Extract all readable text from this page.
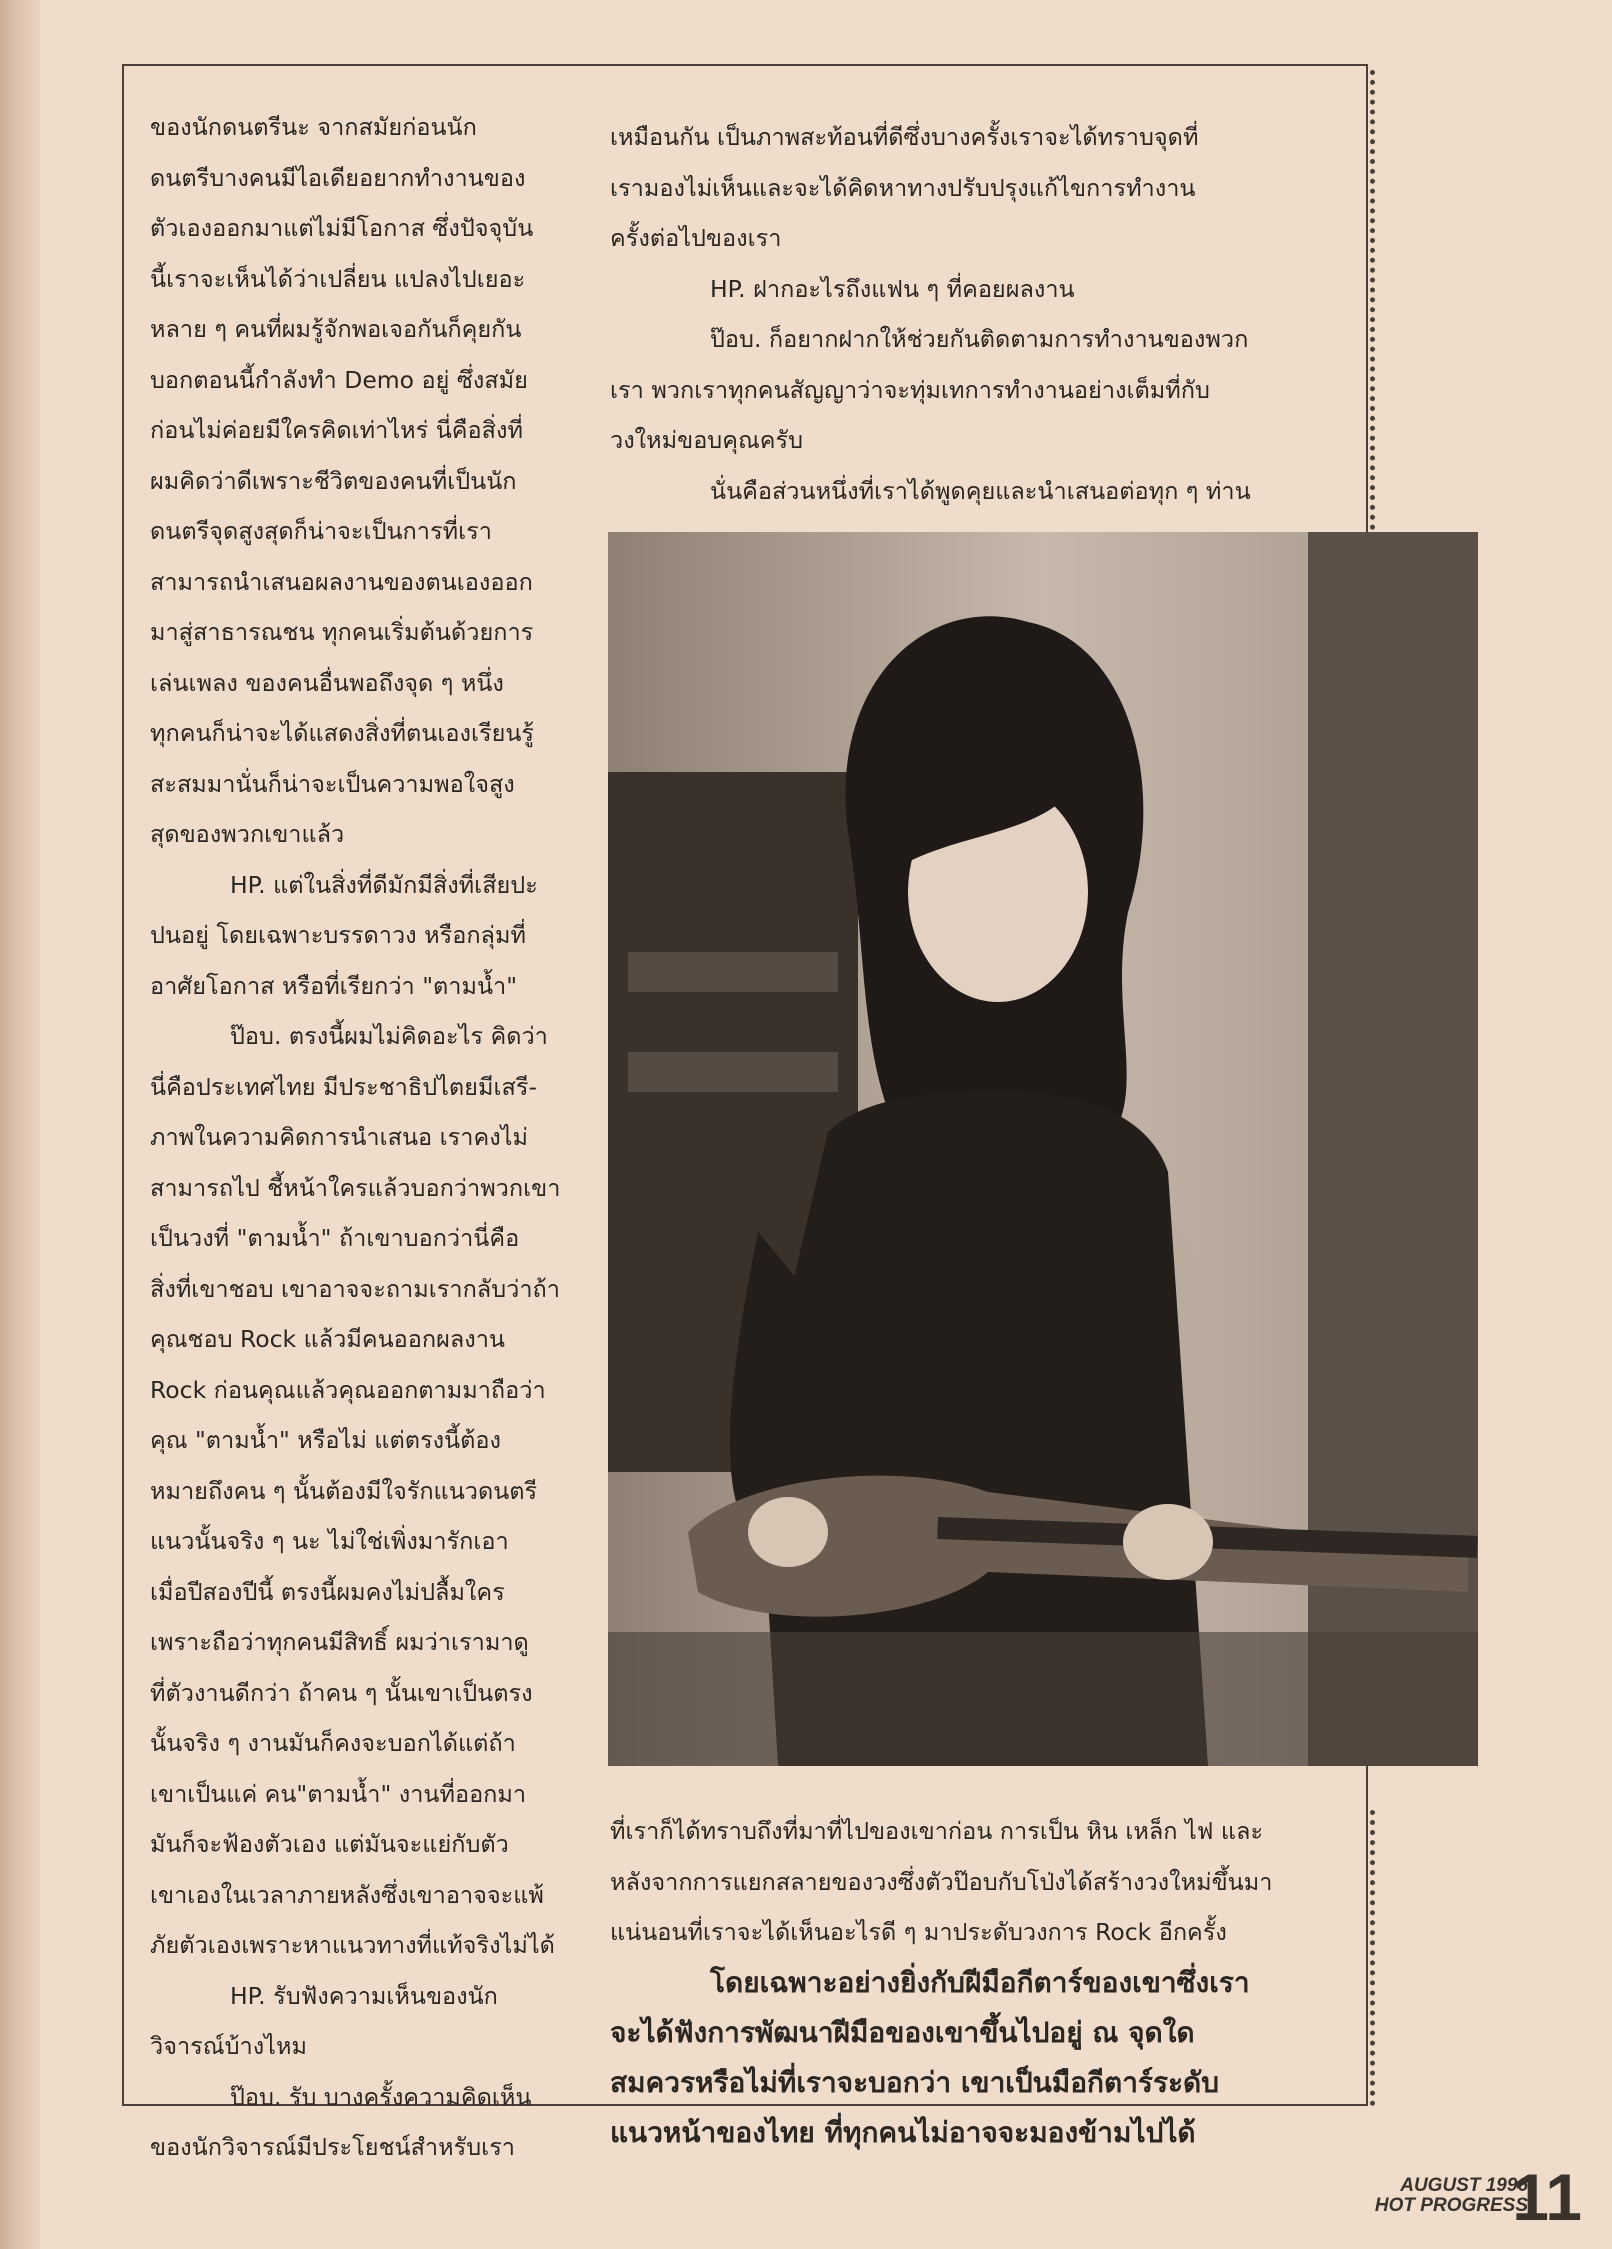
ของนักดนตรีนะ จากสมัยก่อนนัก

ดนตรีบางคนมีไอเดียอยากทำงานของ

ตัวเองออกมาแต่ไม่มีโอกาส ซึ่งปัจจุบัน

นี้เราจะเห็นได้ว่าเปลี่ยน แปลงไปเยอะ

หลาย ๆ คนที่ผมรู้จักพอเจอกันก็คุยกัน

บอกตอนนี้กำลังทำ Demo อยู่ ซึ่งสมัย

ก่อนไม่ค่อยมีใครคิดเท่าไหร่ นี่คือสิ่งที่

ผมคิดว่าดีเพราะชีวิตของคนที่เป็นนัก

ดนตรีจุดสูงสุดก็น่าจะเป็นการที่เรา

สามารถนำเสนอผลงานของตนเองออก

มาสู่สาธารณชน ทุกคนเริ่มต้นด้วยการ

เล่นเพลง ของคนอื่นพอถึงจุด ๆ หนึ่ง

ทุกคนก็น่าจะได้แสดงสิ่งที่ตนเองเรียนรู้

สะสมมานั่นก็น่าจะเป็นความพอใจสูง

สุดของพวกเขาแล้ว

HP. แต่ในสิ่งที่ดีมักมีสิ่งที่เสียปะ

ปนอยู่ โดยเฉพาะบรรดาวง หรือกลุ่มที่

อาศัยโอกาส หรือที่เรียกว่า "ตามน้ำ"

ป๊อบ. ตรงนี้ผมไม่คิดอะไร คิดว่า

นี่คือประเทศไทย มีประชาธิปไตยมีเสรี-

ภาพในความคิดการนำเสนอ เราคงไม่

สามารถไป ชี้หน้าใครแล้วบอกว่าพวกเขา

เป็นวงที่ "ตามน้ำ" ถ้าเขาบอกว่านี่คือ

สิ่งที่เขาชอบ เขาอาจจะถามเรากลับว่าถ้า

คุณชอบ Rock แล้วมีคนออกผลงาน

Rock ก่อนคุณแล้วคุณออกตามมาถือว่า

คุณ "ตามน้ำ" หรือไม่ แต่ตรงนี้ต้อง

หมายถึงคน ๆ นั้นต้องมีใจรักแนวดนตรี

แนวนั้นจริง ๆ นะ ไม่ใช่เพิ่งมารักเอา

เมื่อปีสองปีนี้ ตรงนี้ผมคงไม่ปลื้มใคร

เพราะถือว่าทุกคนมีสิทธิ์ ผมว่าเรามาดู

ที่ตัวงานดีกว่า ถ้าคน ๆ นั้นเขาเป็นตรง

นั้นจริง ๆ งานมันก็คงจะบอกได้แต่ถ้า

เขาเป็นแค่ คน"ตามน้ำ" งานที่ออกมา

มันก็จะฟ้องตัวเอง แต่มันจะแย่กับตัว

เขาเองในเวลาภายหลังซึ่งเขาอาจจะแพ้

ภัยตัวเองเพราะหาแนวทางที่แท้จริงไม่ได้

HP. รับฟังความเห็นของนัก

วิจารณ์บ้างไหม

ป๊อบ. รับ บางครั้งความคิดเห็น

ของนักวิจารณ์มีประโยชน์สำหรับเรา

เหมือนกัน เป็นภาพสะท้อนที่ดีซึ่งบางครั้งเราจะได้ทราบจุดที่

เรามองไม่เห็นและจะได้คิดหาทางปรับปรุงแก้ไขการทำงาน

ครั้งต่อไปของเรา

HP. ฝากอะไรถึงแฟน ๆ ที่คอยผลงาน

ป๊อบ. ก็อยากฝากให้ช่วยกันติดตามการทำงานของพวก

เรา พวกเราทุกคนสัญญาว่าจะทุ่มเทการทำงานอย่างเต็มที่กับ

วงใหม่ขอบคุณครับ

นั่นคือส่วนหนึ่งที่เราได้พูดคุยและนำเสนอต่อทุก ๆ ท่าน

ที่เราก็ได้ทราบถึงที่มาที่ไปของเขาก่อน การเป็น หิน เหล็ก ไฟ และ

หลังจากการแยกสลายของวงซึ่งตัวป๊อบกับโป่งได้สร้างวงใหม่ขึ้นมา

แน่นอนที่เราจะได้เห็นอะไรดี ๆ มาประดับวงการ Rock อีกครั้ง

โดยเฉพาะอย่างยิ่งกับฝีมือกีตาร์ของเขาซึ่งเรา

จะได้ฟังการพัฒนาฝีมือของเขาขึ้นไปอยู่ ณ จุดใด

สมควรหรือไม่ที่เราจะบอกว่า เขาเป็นมือกีตาร์ระดับ

แนวหน้าของไทย ที่ทุกคนไม่อาจจะมองข้ามไปได้

AUGUST 1996
HOT PROGRESS
11
